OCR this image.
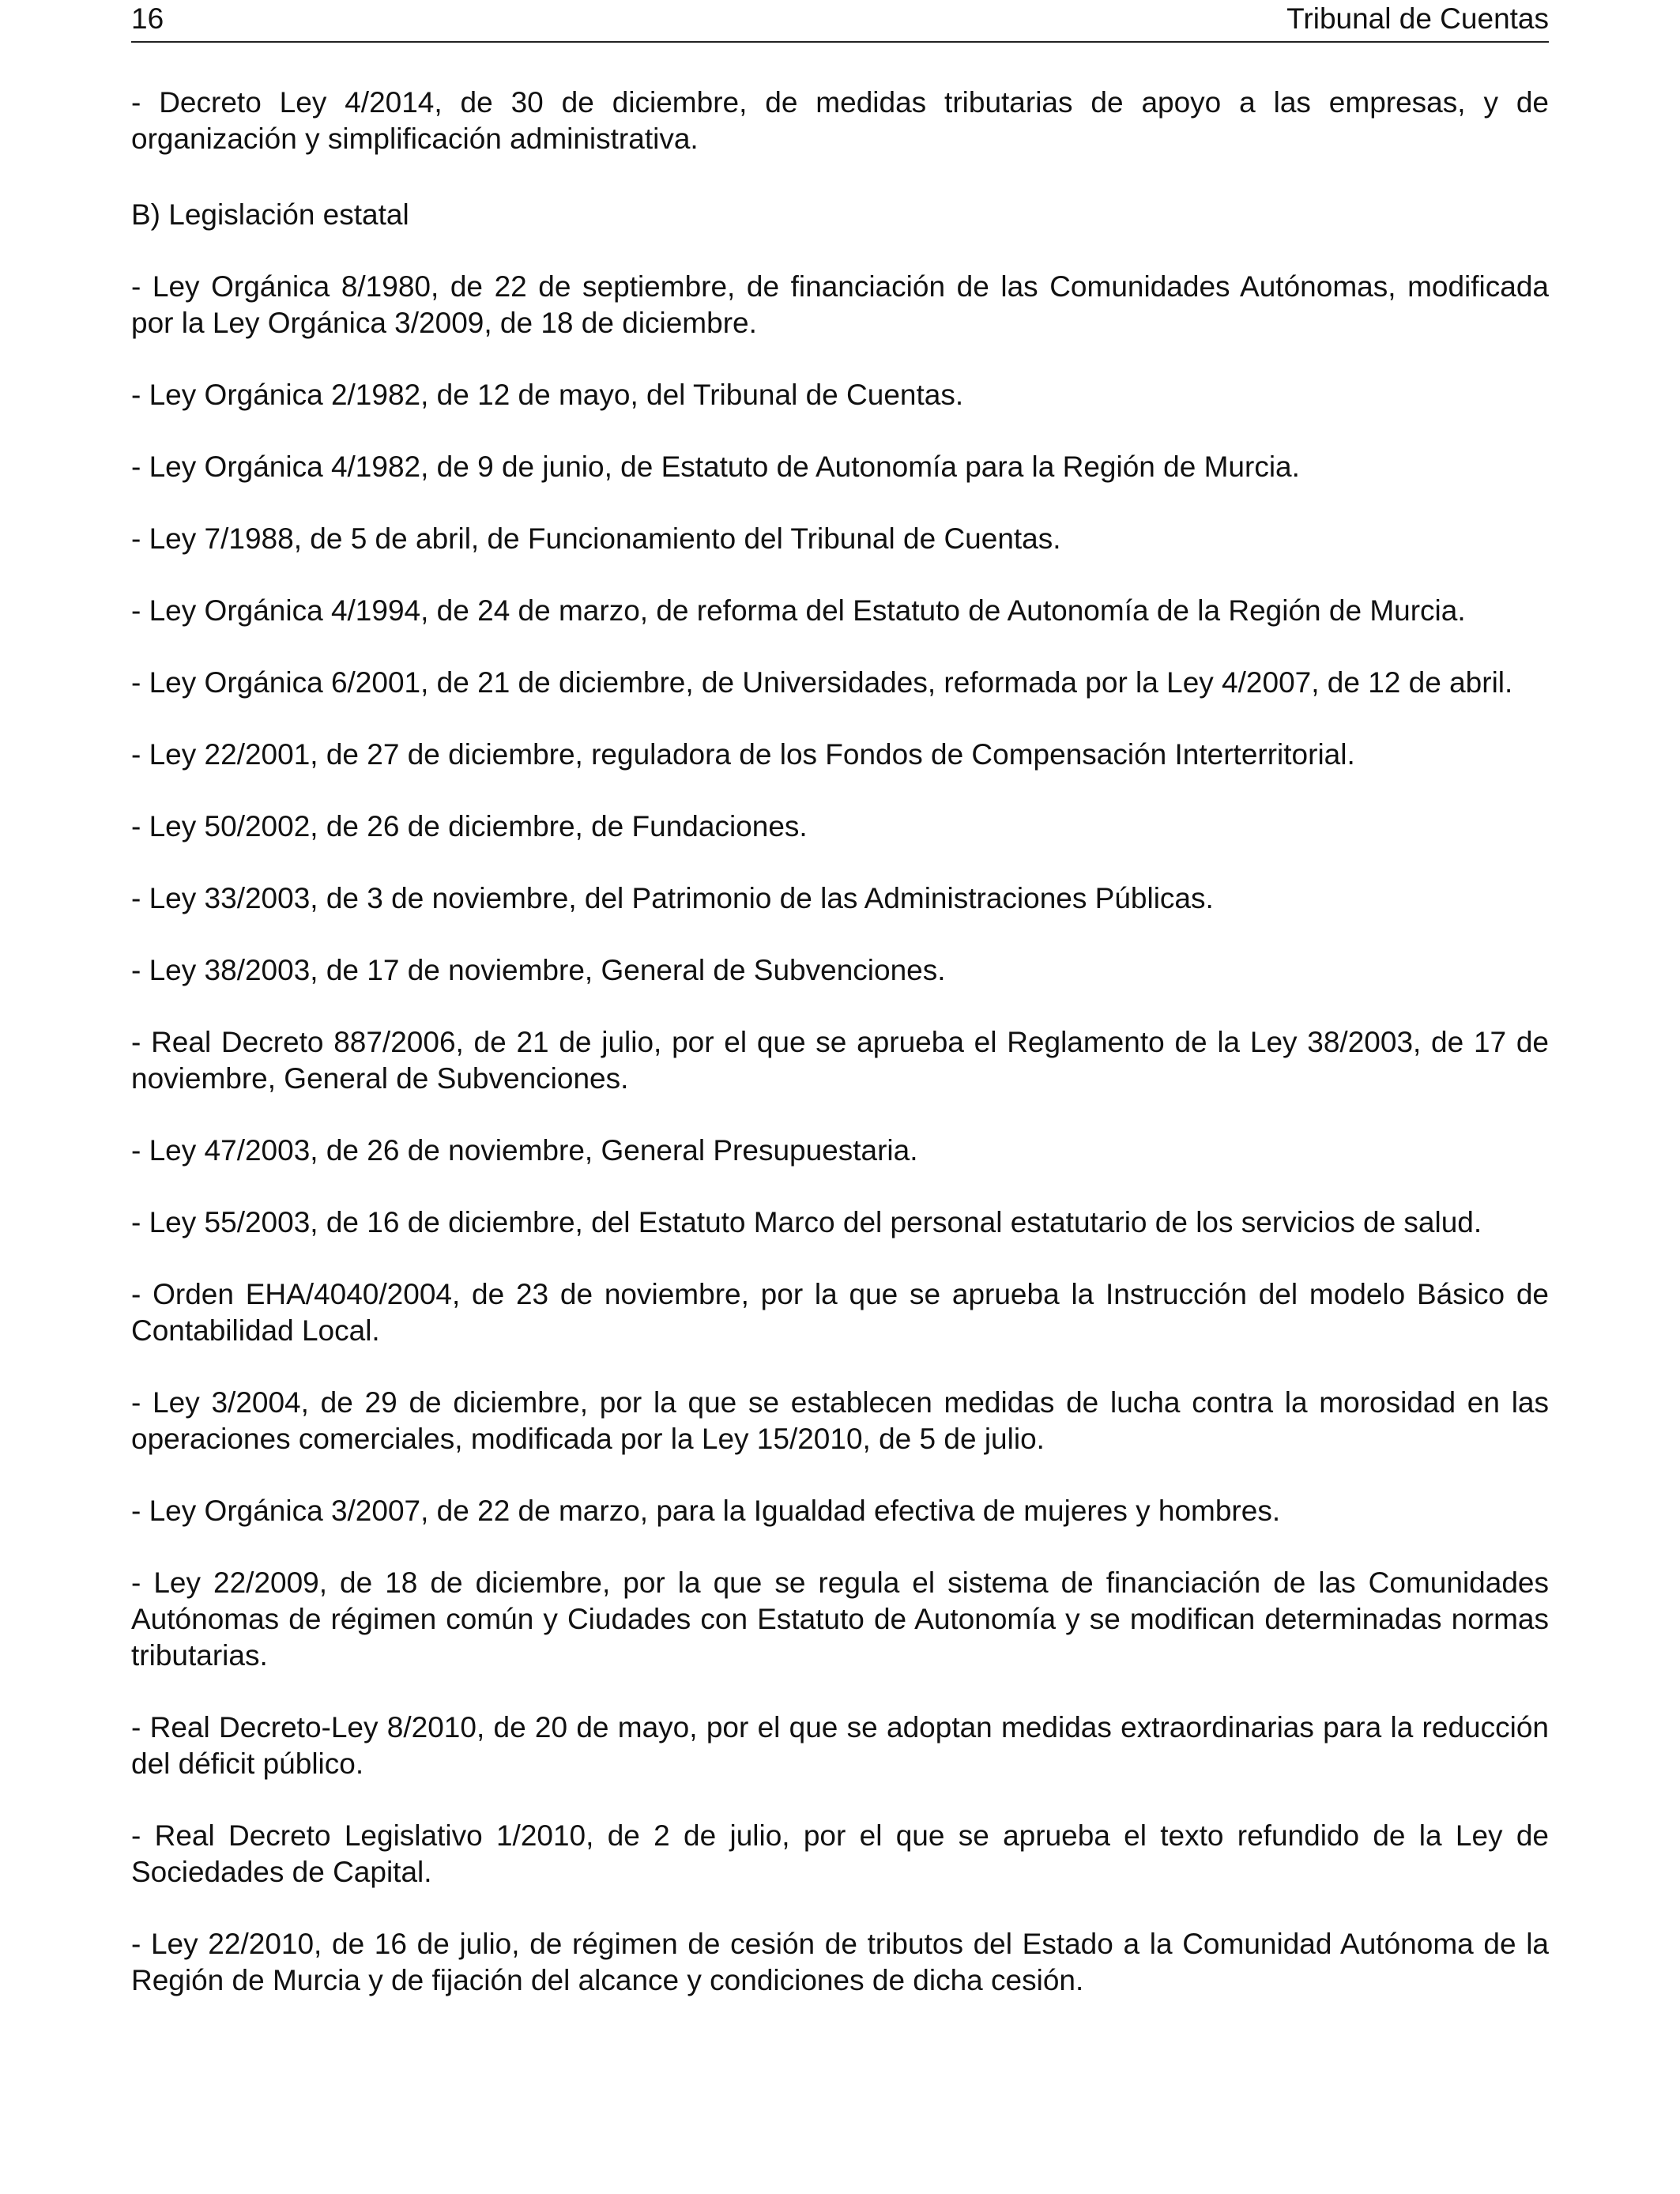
16	Tribunal de Cuentas

- Decreto Ley 4/2014, de 30 de diciembre, de medidas tributarias de apoyo a las empresas, y de organización y simplificación administrativa.

B) Legislación estatal

- Ley Orgánica 8/1980, de 22 de septiembre, de financiación de las Comunidades Autónomas, modificada por la Ley Orgánica 3/2009, de 18 de diciembre.

- Ley Orgánica 2/1982, de 12 de mayo, del Tribunal de Cuentas.

- Ley Orgánica 4/1982, de 9 de junio, de Estatuto de Autonomía para la Región de Murcia.

- Ley 7/1988, de 5 de abril, de Funcionamiento del Tribunal de Cuentas.

- Ley Orgánica 4/1994, de 24 de marzo, de reforma del Estatuto de Autonomía de la Región de Murcia.

- Ley Orgánica 6/2001, de 21 de diciembre, de Universidades, reformada por la Ley 4/2007, de 12 de abril.

- Ley 22/2001, de 27 de diciembre, reguladora de los Fondos de Compensación Interterritorial.

- Ley 50/2002, de 26 de diciembre, de Fundaciones.

- Ley 33/2003, de 3 de noviembre, del Patrimonio de las Administraciones Públicas.

- Ley 38/2003, de 17 de noviembre, General de Subvenciones.

- Real Decreto 887/2006, de 21 de julio, por el que se aprueba el Reglamento de la Ley 38/2003, de 17 de noviembre, General de Subvenciones.

- Ley 47/2003, de 26 de noviembre, General Presupuestaria.

- Ley 55/2003, de 16 de diciembre, del Estatuto Marco del personal estatutario de los servicios de salud.

- Orden EHA/4040/2004, de 23 de noviembre, por la que se aprueba la Instrucción del modelo Básico de Contabilidad Local.

- Ley 3/2004, de 29 de diciembre, por la que se establecen medidas de lucha contra la morosidad en las operaciones comerciales, modificada por la Ley 15/2010, de 5 de julio.

- Ley Orgánica 3/2007, de 22 de marzo, para la Igualdad efectiva de mujeres y hombres.

- Ley 22/2009, de 18 de diciembre, por la que se regula el sistema de financiación de las Comunidades Autónomas de régimen común y Ciudades con Estatuto de Autonomía y se modifican determinadas normas tributarias.

- Real Decreto-Ley 8/2010, de 20 de mayo, por el que se adoptan medidas extraordinarias para la reducción del déficit público.

- Real Decreto Legislativo 1/2010, de 2 de julio, por el que se aprueba el texto refundido de la Ley de Sociedades de Capital.

- Ley 22/2010, de 16 de julio, de régimen de cesión de tributos del Estado a la Comunidad Autónoma de la Región de Murcia y de fijación del alcance y condiciones de dicha cesión.
